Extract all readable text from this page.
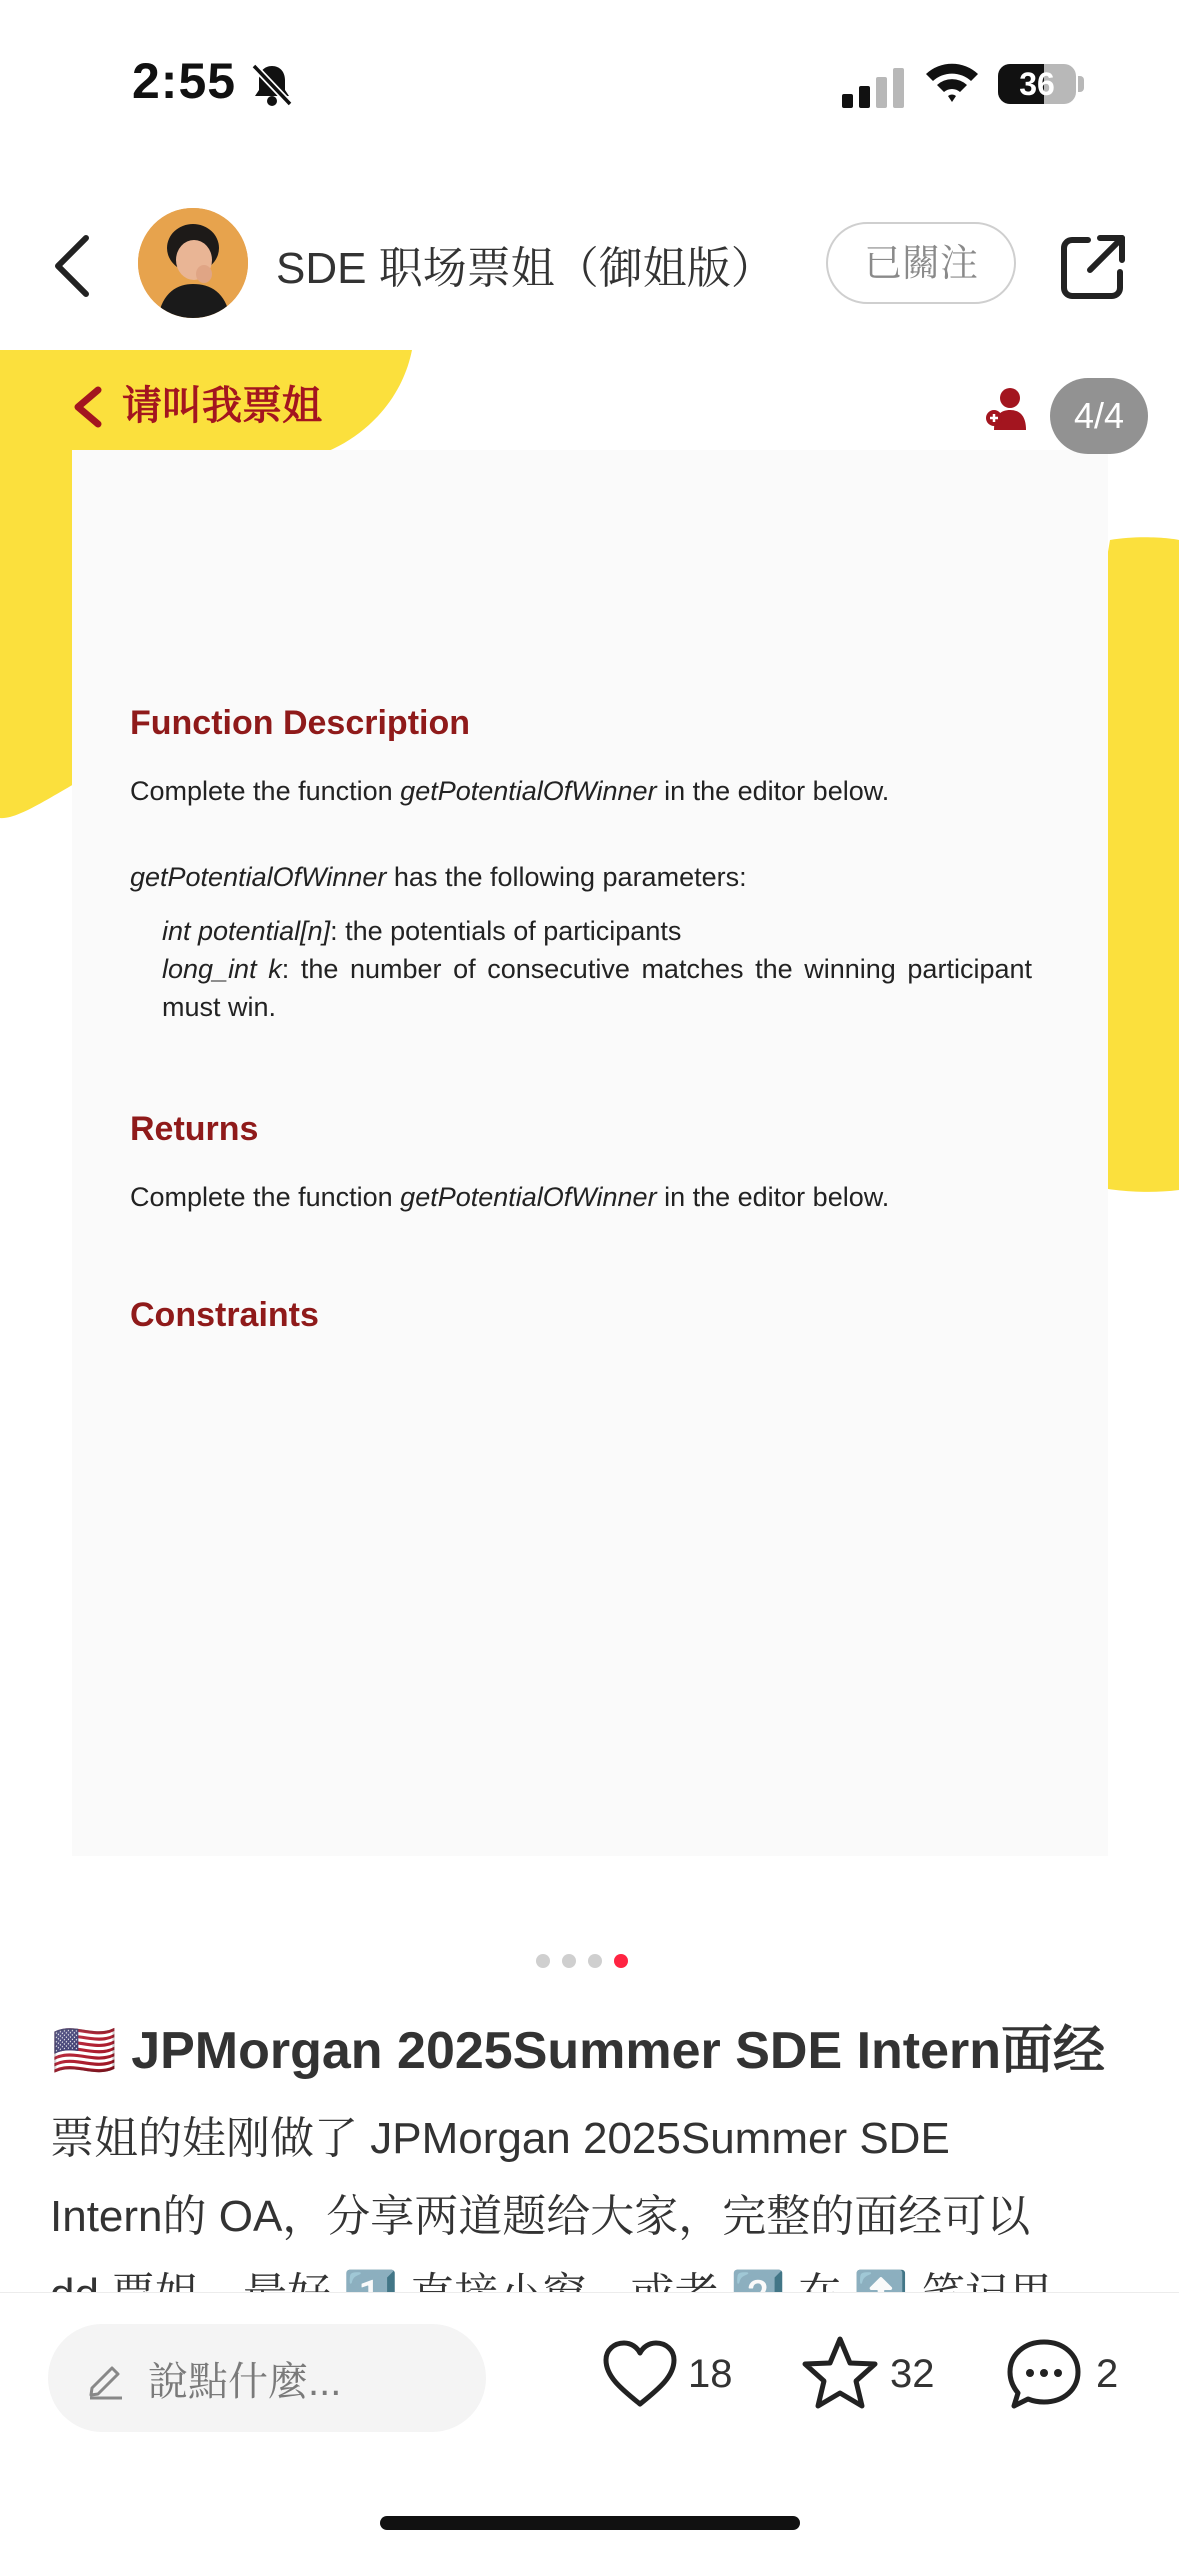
2:55	36
SDE 职场票姐（御姐版）	已關注
Function Description
Complete the function getPotentialOfWinner in the editor below.
getPotentialOfWinner has the following parameters:
int potential[n]: the potentials of participants
long_int k: the number of consecutive matches the winning participant must win.
Returns
Complete the function getPotentialOfWinner in the editor below.
Constraints
请叫我票姐	4/4
🇺🇸 JPMorgan 2025Summer SDE Intern面经
票姐的娃刚做了 JPMorgan 2025Summer SDE
Intern的 OA，分享两道题给大家，完整的面经可以
說點什麼...	18	32	2
